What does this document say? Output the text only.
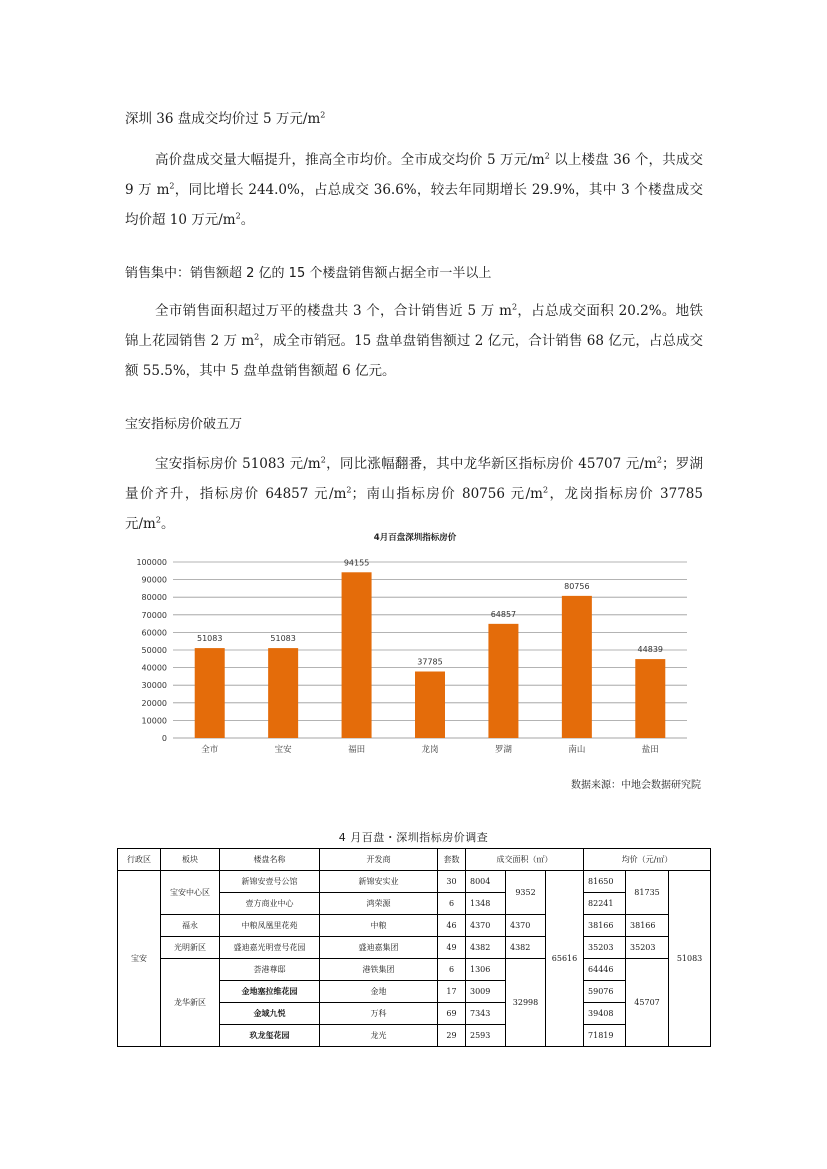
深圳 36 盘成交均价过 5 万元$/m^2$
高价盘成交量大幅提升，推高全市均价。全市成交均价 5 万元$/m^2$ 以上楼盘 36 个，共成交 9 万 $m^2$，同比增长 244.0%，占总成交 36.6%，较去年同期增长 29.9%，其中 3 个楼盘成交均价超 10 万元$/m^2$。
销售集中：销售额超 2 亿的 15 个楼盘销售额占据全市一半以上
全市销售面积超过万平的楼盘共 3 个，合计销售近 5 万 $m^2$，占总成交面积 20.2%。地铁锦上花园销售 2 万 $m^2$，成全市销冠。15 盘单盘销售额过 2 亿元，合计销售 68 亿元，占总成交额 55.5%，其中 5 盘单盘销售额超 6 亿元。
宝安指标房价破五万
宝安指标房价 51083 元$/m^2$，同比涨幅翻番，其中龙华新区指标房价 45707 元$/m^2$；罗湖量价齐升，指标房价 64857 元$/m^2$；南山指标房价 80756 元$/m^2$，龙岗指标房价 37785 元$/m^2$。
4月百盘深圳指标房价
0
10000
20000
30000
40000
50000
60000
70000
80000
90000
100000
51083	51083
94155
37785
64857
80756
44839
全市	宝安	福田	龙岗	罗湖	南山	盐田
数据来源：中地会数据研究院
4 月百盘・深圳指标房价调查
行政区	板块	楼盘名称	开发商	套数	成交面积（㎡）			均价（元/㎡）		
宝安	宝安中心区	新锦安壹号公馆	新锦安实业	30	8004	9352	65616	81650	81735	51083
		壹方商业中心	鸿荣源	6	1348			82241		
	福永	中粮凤凰里花苑	中粮	46	4370	4370		38166	38166	
	光明新区	盛迪嘉光明壹号花园	盛迪嘉集团	49	4382	4382		35203	35203	
	龙华新区	荟港尊邸	港铁集团	6	1306	32998		64446	45707	
		金地塞拉维花园	金地	17	3009			59076		
		金域九悦	万科	69	7343			39408		
		玖龙玺花园	龙光	29	2593			71819		
